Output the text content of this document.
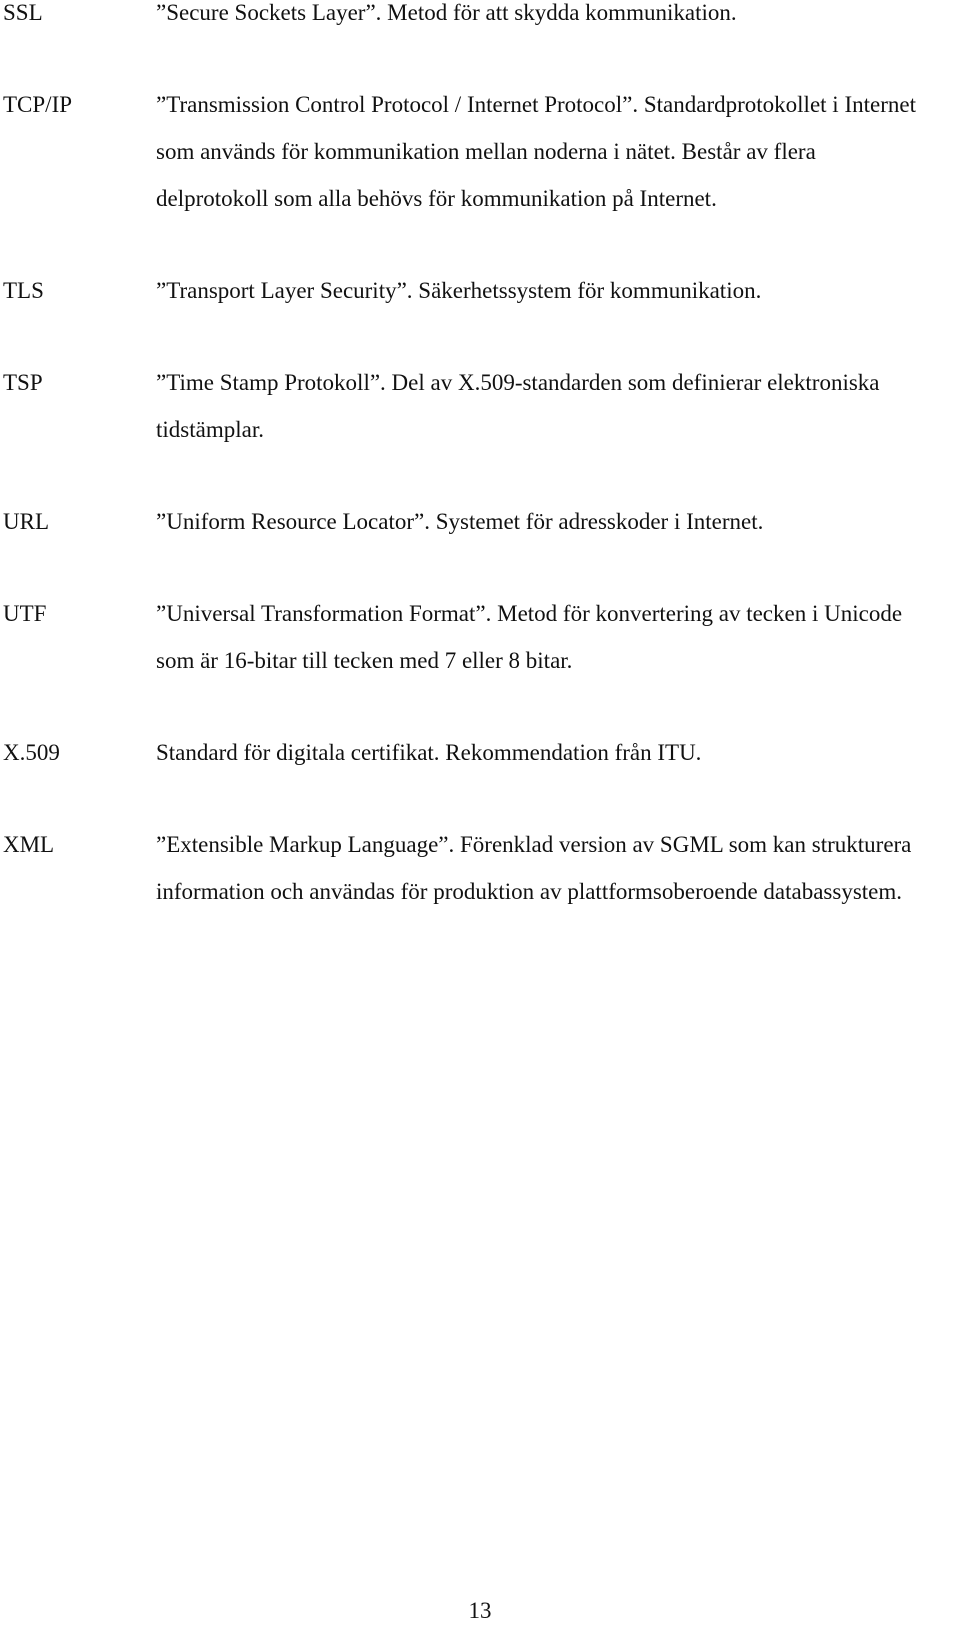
SSL	”Secure Sockets Layer”. Metod för att skydda kommunikation.
TCP/IP	”Transmission Control Protocol / Internet Protocol”. Standardprotokollet i Internet som används för kommunikation mellan noderna i nätet. Består av flera delprotokoll som alla behövs för kommunikation på Internet.
TLS	”Transport Layer Security”. Säkerhetssystem för kommunikation.
TSP	”Time Stamp Protokoll”. Del av X.509-standarden som definierar elektroniska tidstämplar.
URL	”Uniform Resource Locator”. Systemet för adresskoder i Internet.
UTF	”Universal Transformation Format”. Metod för konvertering av tecken i Unicode som är 16-bitar till tecken med 7 eller 8 bitar.
X.509	Standard för digitala certifikat. Rekommendation från ITU.
XML	”Extensible Markup Language”. Förenklad version av SGML som kan strukturera information och användas för produktion av plattformsoberoende databassystem.
13
